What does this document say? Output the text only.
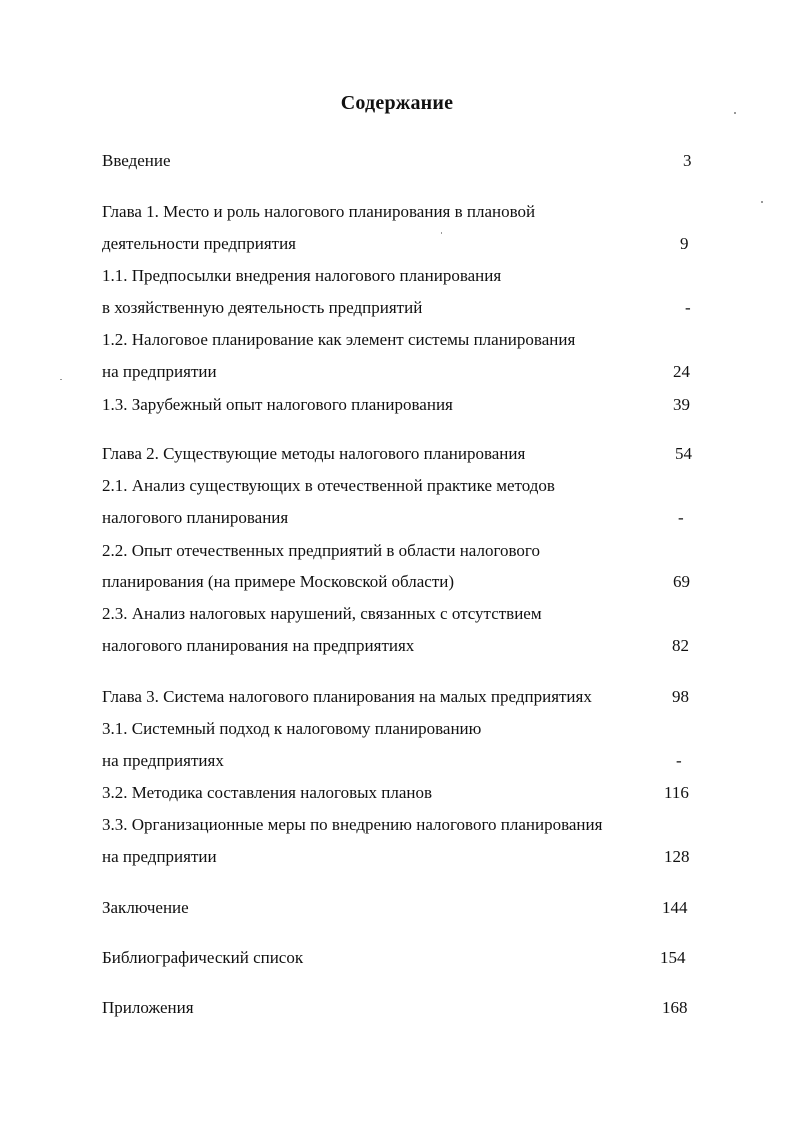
Содержание
Введение	3
Глава 1. Место и роль налогового планирования в плановой
деятельности предприятия	9
1.1. Предпосылки внедрения налогового планирования
в хозяйственную деятельность предприятий	-
1.2. Налоговое планирование как элемент системы планирования
на предприятии	24
1.3. Зарубежный опыт налогового планирования	39
Глава 2. Существующие методы налогового планирования	54
2.1. Анализ существующих в отечественной практике методов
налогового планирования	-
2.2. Опыт отечественных предприятий в области налогового
планирования (на примере Московской области)	69
2.3. Анализ налоговых нарушений, связанных с отсутствием
налогового планирования на предприятиях	82
Глава 3. Система налогового планирования на малых предприятиях	98
3.1. Системный подход к налоговому планированию
на предприятиях	-
3.2. Методика составления налоговых планов	116
3.3. Организационные меры по внедрению налогового планирования
на предприятии	128
Заключение	144
Библиографический список	154
Приложения	168
